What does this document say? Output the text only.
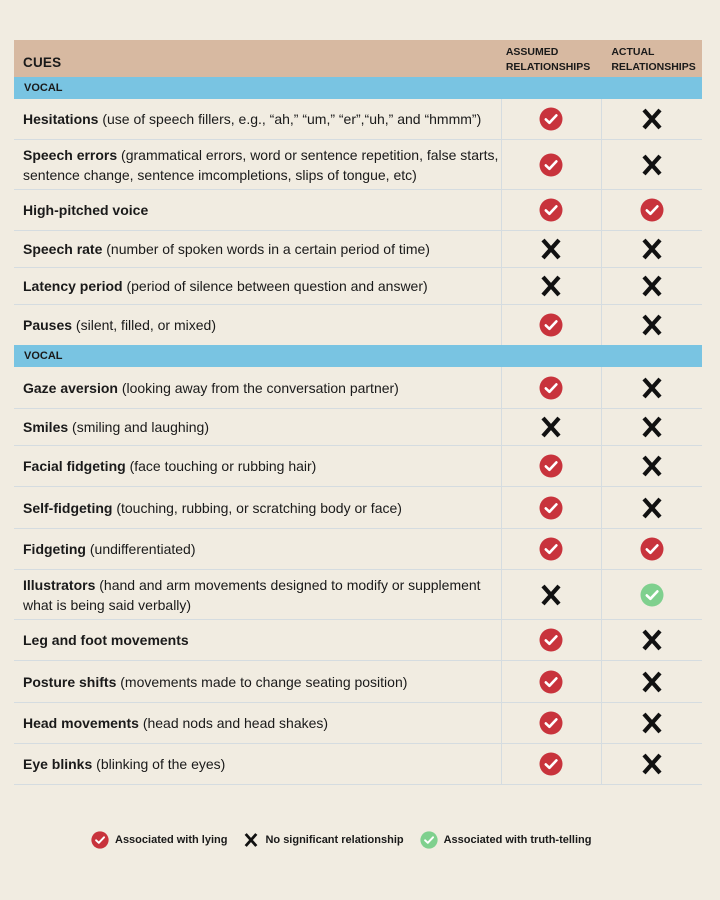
CUES
ASSUMED
RELATIONSHIPS
ACTUAL
RELATIONSHIPS
VOCAL
Hesitations (use of speech fillers, e.g., “ah,” “um,” “er”,“uh,” and “hmmm”)
Speech errors (grammatical errors, word or sentence repetition, false starts, sentence change, sentence imcompletions, slips of tongue, etc)
High-pitched voice
Speech rate (number of spoken words in a certain period of time)
Latency period (period of silence between question and answer)
Pauses (silent, filled, or mixed)
VOCAL
Gaze aversion (looking away from the conversation partner)
Smiles (smiling and laughing)
Facial fidgeting (face touching or rubbing hair)
Self-fidgeting (touching, rubbing, or scratching body or face)
Fidgeting (undifferentiated)
Illustrators (hand and arm movements designed to modify or supplement what is being said verbally)
Leg and foot movements
Posture shifts (movements made to change seating position)
Head movements (head nods and head shakes)
Eye blinks (blinking of the eyes)
Associated with lying	No significant relationship	Associated with truth-telling
